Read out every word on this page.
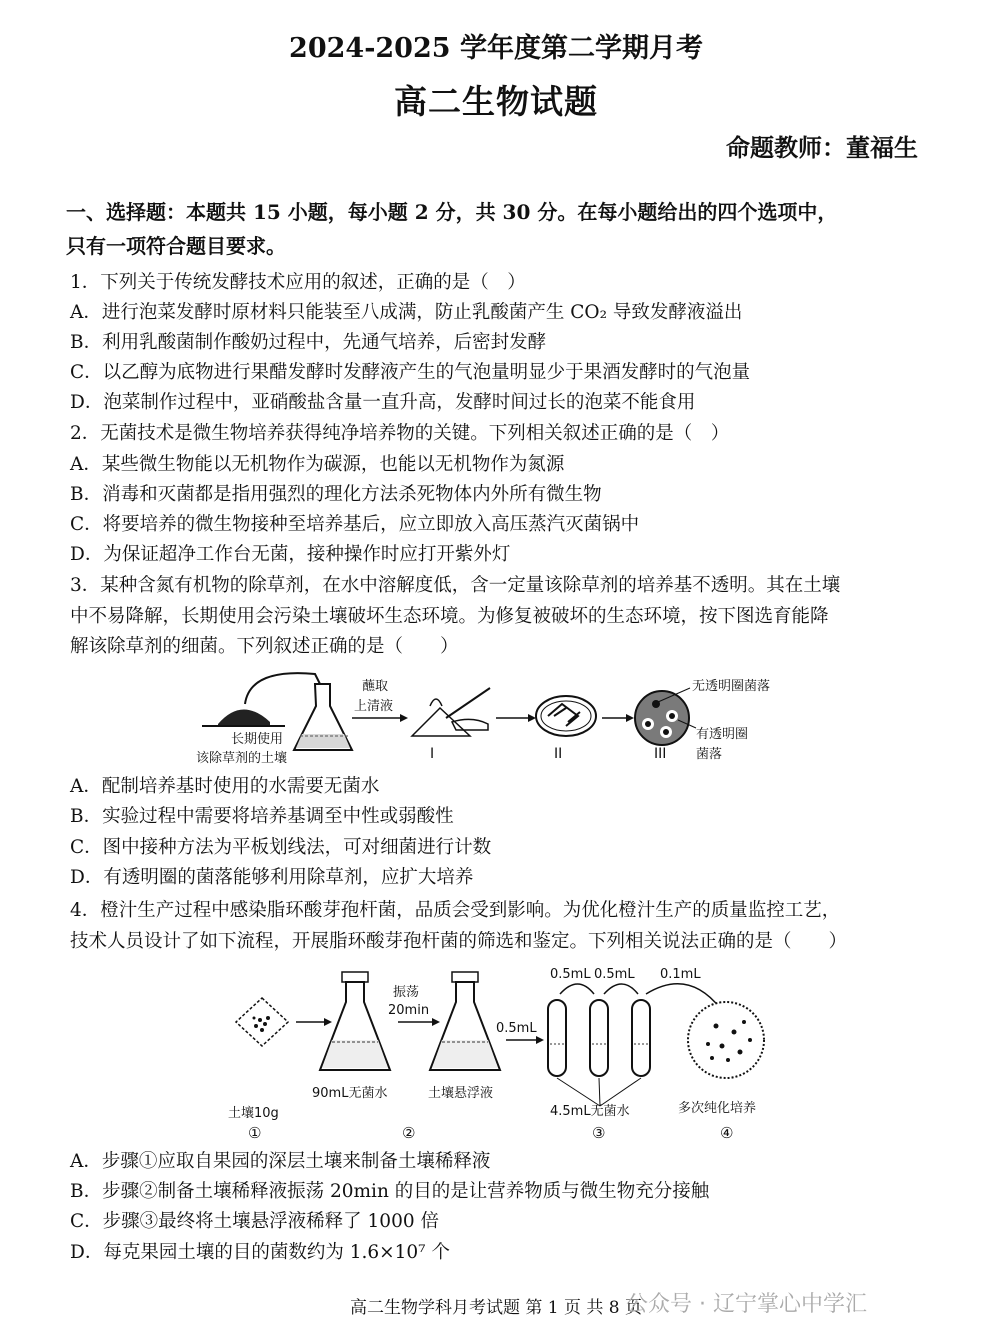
2024-2025 学年度第二学期月考
高二生物试题
命题教师：董福生
一、选择题：本题共 15 小题，每小题 2 分，共 30 分。在每小题给出的四个选项中，
只有一项符合题目要求。
1．下列关于传统发酵技术应用的叙述，正确的是（　）
A．进行泡菜发酵时原材料只能装至八成满，防止乳酸菌产生 CO₂ 导致发酵液溢出
B．利用乳酸菌制作酸奶过程中，先通气培养，后密封发酵
C．以乙醇为底物进行果醋发酵时发酵液产生的气泡量明显少于果酒发酵时的气泡量
D．泡菜制作过程中，亚硝酸盐含量一直升高，发酵时间过长的泡菜不能食用
2．无菌技术是微生物培养获得纯净培养物的关键。下列相关叙述正确的是（　）
A．某些微生物能以无机物作为碳源，也能以无机物作为氮源
B．消毒和灭菌都是指用强烈的理化方法杀死物体内外所有微生物
C．将要培养的微生物接种至培养基后，应立即放入高压蒸汽灭菌锅中
D．为保证超净工作台无菌，接种操作时应打开紫外灯
3．某种含氮有机物的除草剂，在水中溶解度低，含一定量该除草剂的培养基不透明。其在土壤
中不易降解，长期使用会污染土壤破坏生态环境。为修复被破坏的生态环境，按下图选育能降
解该除草剂的细菌。下列叙述正确的是（　　）
长期使用
该除草剂的土壤
蘸取
上清液
I	II
无透明圈菌落
有透明圈
菌落
III
A．配制培养基时使用的水需要无菌水
B．实验过程中需要将培养基调至中性或弱酸性
C．图中接种方法为平板划线法，可对细菌进行计数
D．有透明圈的菌落能够利用除草剂，应扩大培养
4．橙汁生产过程中感染脂环酸芽孢杆菌，品质会受到影响。为优化橙汁生产的质量监控工艺，
技术人员设计了如下流程，开展脂环酸芽孢杆菌的筛选和鉴定。下列相关说法正确的是（　　）
90mL无菌水
振荡
20min
土壤悬浮液
0.5mL
0.5mL 0.5mL 0.1mL
4.5mL无菌水	多次纯化培养
土壤10g
①	②	③	④
A．步骤①应取自果园的深层土壤来制备土壤稀释液
B．步骤②制备土壤稀释液振荡 20min 的目的是让营养物质与微生物充分接触
C．步骤③最终将土壤悬浮液稀释了 1000 倍
D．每克果园土壤的目的菌数约为 1.6×10⁷ 个
高二生物学科月考试题 第 1 页 共 8 页
公众号 · 辽宁掌心中学汇
